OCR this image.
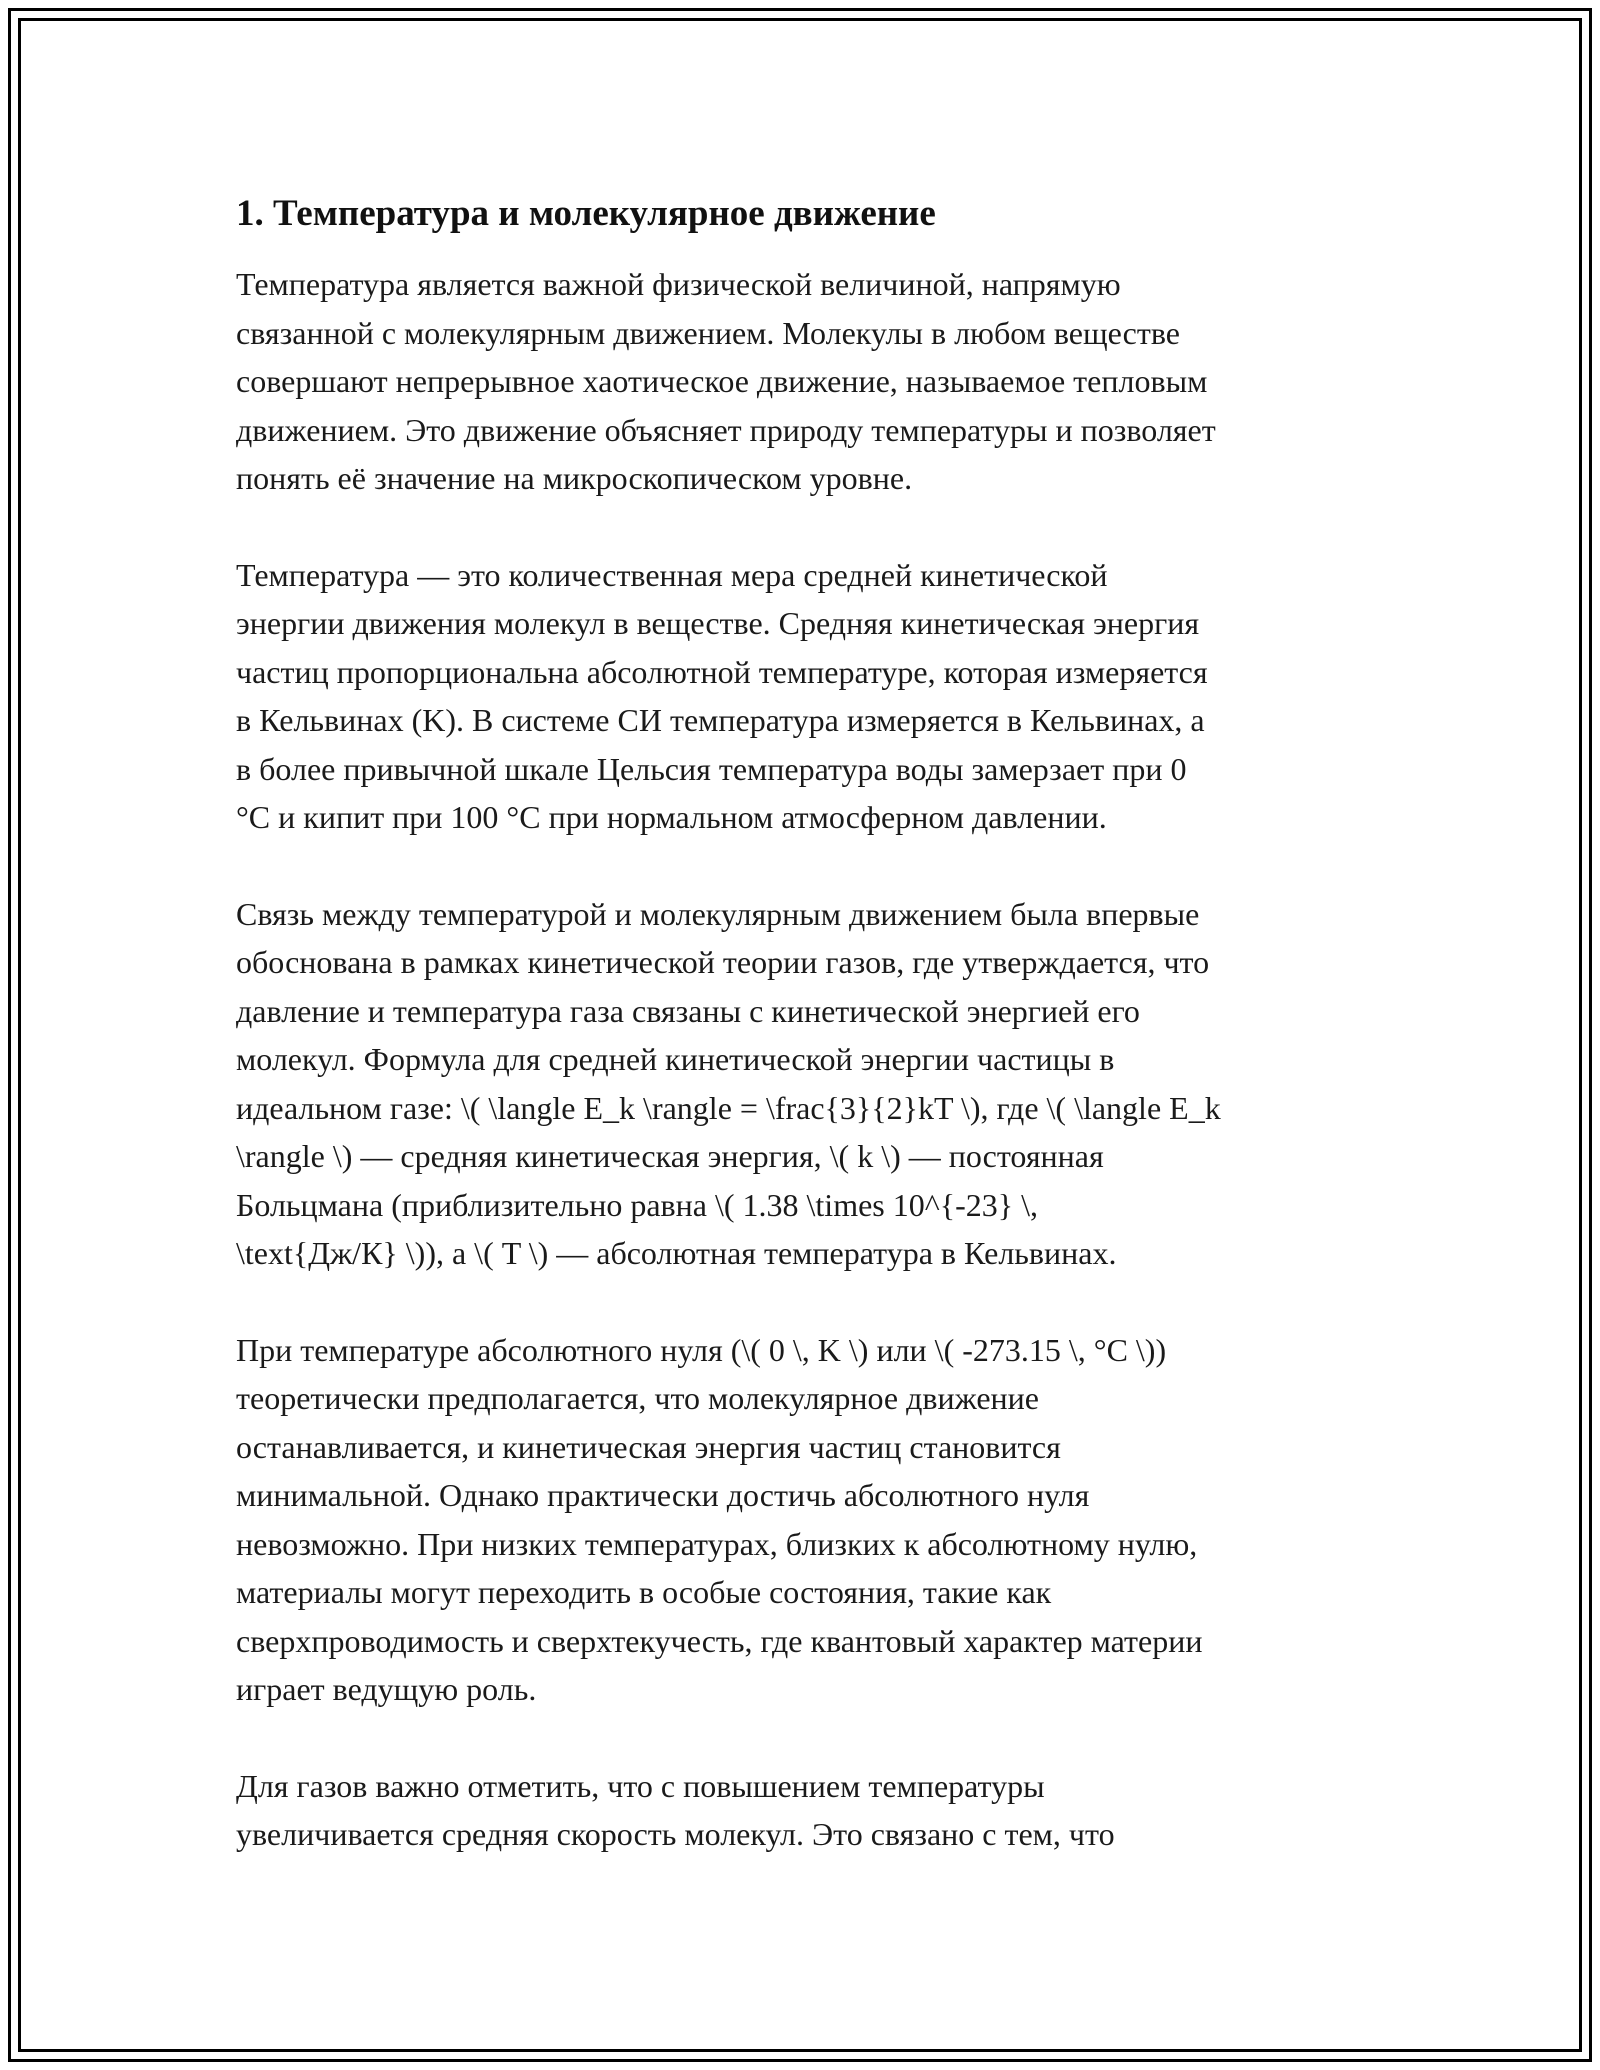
1. Температура и молекулярное движение

Температура является важной физической величиной, напрямую
связанной с молекулярным движением. Молекулы в любом веществе
совершают непрерывное хаотическое движение, называемое тепловым
движением. Это движение объясняет природу температуры и позволяет
понять её значение на микроскопическом уровне.

Температура — это количественная мера средней кинетической
энергии движения молекул в веществе. Средняя кинетическая энергия
частиц пропорциональна абсолютной температуре, которая измеряется
в Кельвинах (K). В системе СИ температура измеряется в Кельвинах, а
в более привычной шкале Цельсия температура воды замерзает при 0
°C и кипит при 100 °C при нормальном атмосферном давлении.

Связь между температурой и молекулярным движением была впервые
обоснована в рамках кинетической теории газов, где утверждается, что
давление и температура газа связаны с кинетической энергией его
молекул. Формула для средней кинетической энергии частицы в
идеальном газе: \( \langle E_k \rangle = \frac{3}{2}kT \), где \( \langle E_k
\rangle \) — средняя кинетическая энергия, \( k \) — постоянная
Больцмана (приблизительно равна \( 1.38 \times 10^{-23} \,
\text{Дж/К} \)), а \( T \) — абсолютная температура в Кельвинах.

При температуре абсолютного нуля (\( 0 \, K \) или \( -273.15 \, °C \))
теоретически предполагается, что молекулярное движение
останавливается, и кинетическая энергия частиц становится
минимальной. Однако практически достичь абсолютного нуля
невозможно. При низких температурах, близких к абсолютному нулю,
материалы могут переходить в особые состояния, такие как
сверхпроводимость и сверхтекучесть, где квантовый характер материи
играет ведущую роль.

Для газов важно отметить, что с повышением температуры
увеличивается средняя скорость молекул. Это связано с тем, что
